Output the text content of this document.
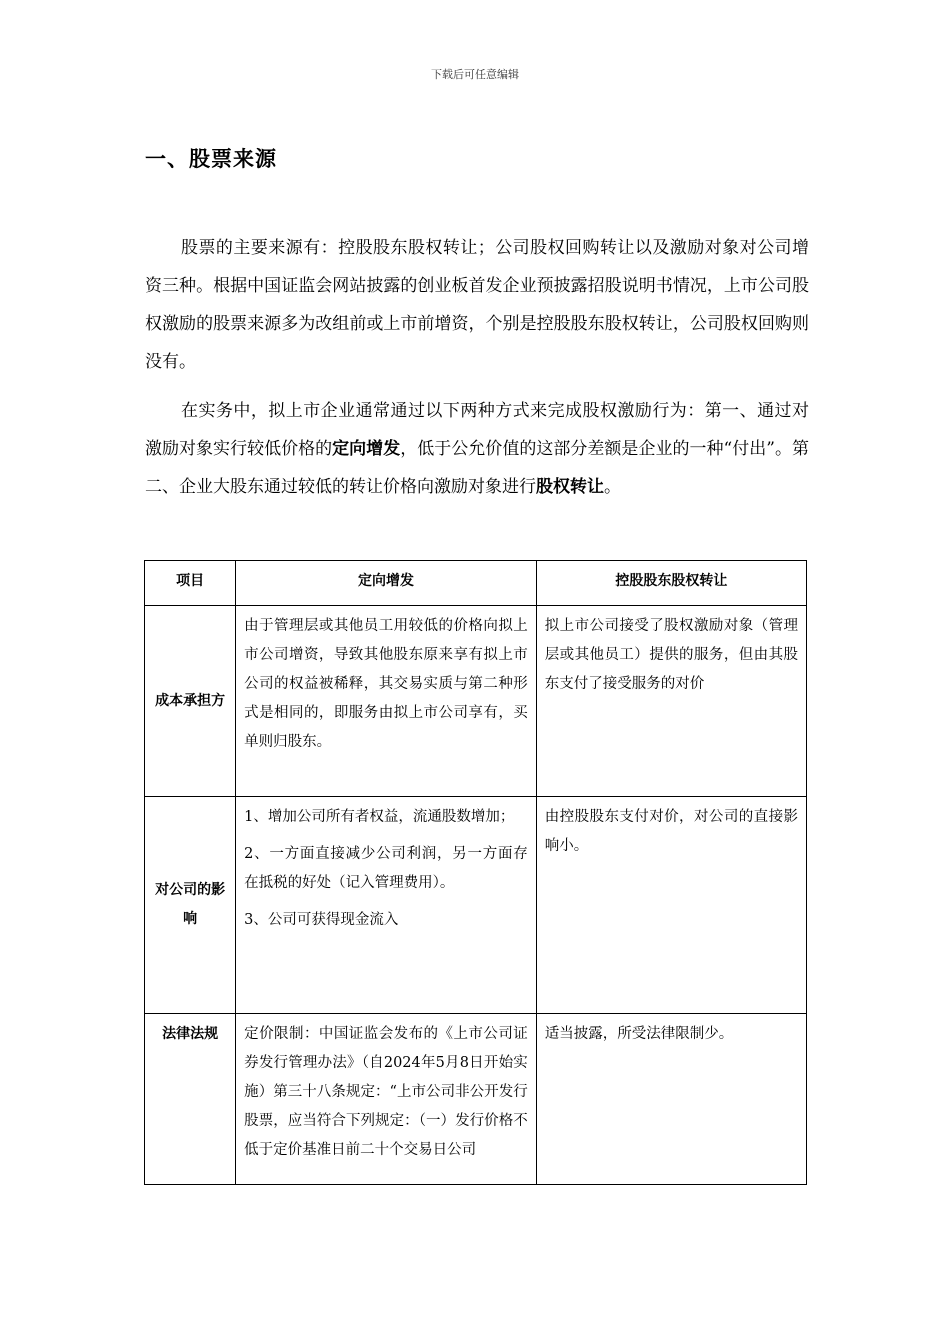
下载后可任意编辑
一、股票来源

股票的主要来源有：控股股东股权转让；公司股权回购转让以及激励对象对公司增资三种。根据中国证监会网站披露的创业板首发企业预披露招股说明书情况，上市公司股权激励的股票来源多为改组前或上市前增资，个别是控股股东股权转让，公司股权回购则没有。

在实务中，拟上市企业通常通过以下两种方式来完成股权激励行为：第一、通过对激励对象实行较低价格的定向增发，低于公允价值的这部分差额是企业的一种“付出”。第二、企业大股东通过较低的转让价格向激励对象进行股权转让。

项目	定向增发	控股股东股权转让
成本承担方	由于管理层或其他员工用较低的价格向拟上市公司增资，导致其他股东原来享有拟上市公司的权益被稀释，其交易实质与第二种形式是相同的，即服务由拟上市公司享有，买单则归股东。	拟上市公司接受了股权激励对象（管理层或其他员工）提供的服务，但由其股东支付了接受服务的对价
对公司的影响	1、增加公司所有者权益，流通股数增加；

2、一方面直接减少公司利润，另一方面存在抵税的好处（记入管理费用）。

3、公司可获得现金流入	由控股股东支付对价，对公司的直接影响小。
法律法规	定价限制：中国证监会发布的《上市公司证券发行管理办法》（自2024年5月8日开始实施）第三十八条规定：“上市公司非公开发行股票，应当符合下列规定：（一）发行价格不低于定价基准日前二十个交易日公司	适当披露，所受法律限制少。
